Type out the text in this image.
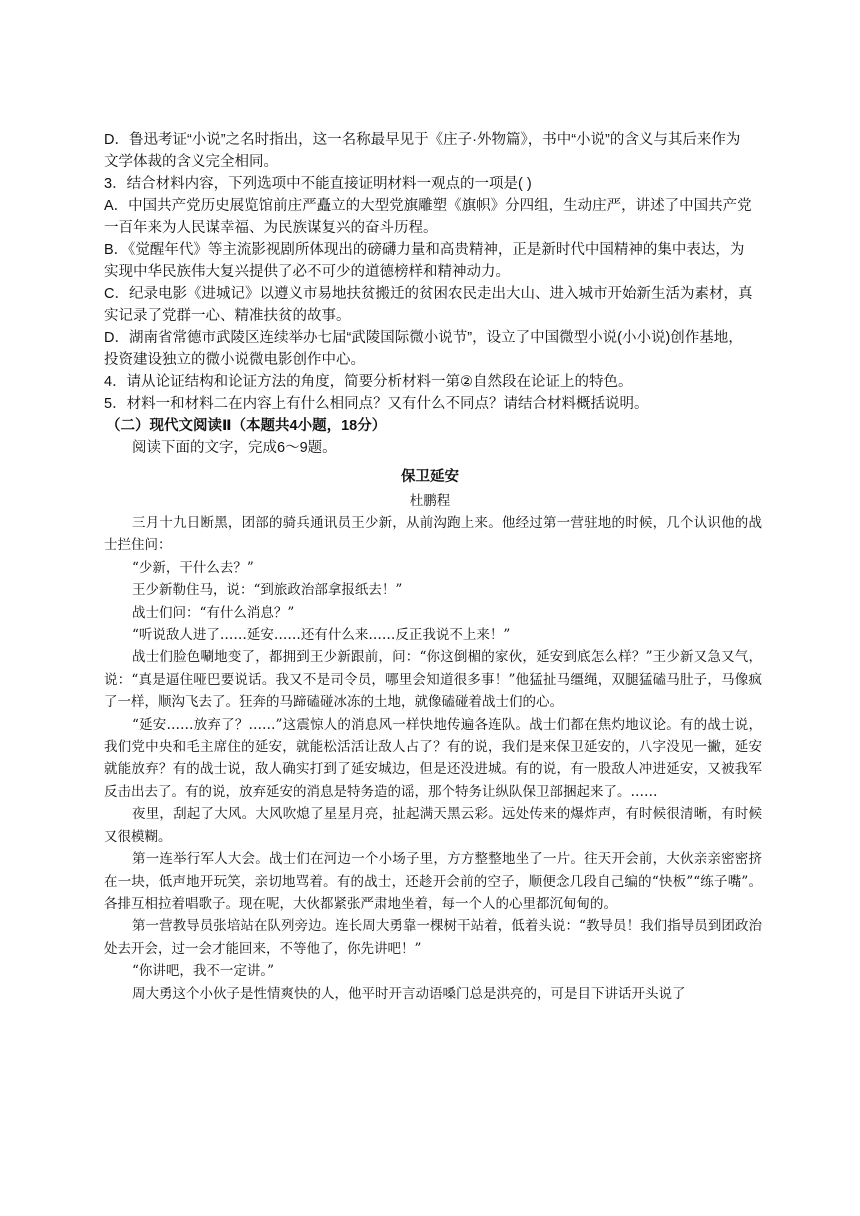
D．鲁迅考证“小说”之名时指出，这一名称最早见于《庄子·外物篇》，书中“小说”的含义与其后来作为文学体裁的含义完全相同。

3．结合材料内容，下列选项中不能直接证明材料一观点的一项是( )

A．中国共产党历史展览馆前庄严矗立的大型党旗雕塑《旗帜》分四组，生动庄严，讲述了中国共产党一百年来为人民谋幸福、为民族谋复兴的奋斗历程。

B．《觉醒年代》等主流影视剧所体现出的磅礴力量和高贵精神，正是新时代中国精神的集中表达，为实现中华民族伟大复兴提供了必不可少的道德榜样和精神动力。

C．纪录电影《进城记》以遵义市易地扶贫搬迁的贫困农民走出大山、进入城市开始新生活为素材，真实记录了党群一心、精准扶贫的故事。

D．湖南省常德市武陵区连续举办七届“武陵国际微小说节”，设立了中国微型小说(小小说)创作基地，投资建设独立的微小说微电影创作中心。

4．请从论证结构和论证方法的角度，简要分析材料一第②自然段在论证上的特色。

5．材料一和材料二在内容上有什么相同点？又有什么不同点？请结合材料概括说明。

（二）现代文阅读Ⅱ（本题共4小题，18分）

阅读下面的文字，完成6～9题。

保卫延安
杜鹏程

三月十九日断黑，团部的骑兵通讯员王少新，从前沟跑上来。他经过第一营驻地的时候，几个认识他的战士拦住问：

“少新，干什么去？”

王少新勒住马，说：“到旅政治部拿报纸去！”

战士们问：“有什么消息？”

“听说敌人进了……延安……还有什么来……反正我说不上来！”

战士们脸色唰地变了，都拥到王少新跟前，问：“你这倒楣的家伙，延安到底怎么样？”王少新又急又气，说：“真是逼住哑巴要说话。我又不是司令员，哪里会知道很多事！”他猛扯马缰绳，双腿猛磕马肚子，马像疯了一样，顺沟飞去了。狂奔的马蹄磕碰冰冻的土地，就像磕碰着战士们的心。

“延安……放弃了？……”这震惊人的消息风一样快地传遍各连队。战士们都在焦灼地议论。有的战士说，我们党中央和毛主席住的延安，就能松活活让敌人占了？有的说，我们是来保卫延安的，八字没见一撇，延安就能放弃？有的战士说，敌人确实打到了延安城边，但是还没进城。有的说，有一股敌人冲进延安，又被我军反击出去了。有的说，放弃延安的消息是特务造的谣，那个特务让纵队保卫部捆起来了。……

夜里，刮起了大风。大风吹熄了星星月亮，扯起满天黑云彩。远处传来的爆炸声，有时候很清晰，有时候又很模糊。

第一连举行军人大会。战士们在河边一个小场子里，方方整整地坐了一片。往天开会前，大伙亲亲密密挤在一块，低声地开玩笑，亲切地骂着。有的战士，还趁开会前的空子，顺便念几段自己编的“快板”“练子嘴”。各排互相拉着唱歌子。现在呢，大伙都紧张严肃地坐着，每一个人的心里都沉甸甸的。

第一营教导员张培站在队列旁边。连长周大勇靠一棵树干站着，低着头说：“教导员！我们指导员到团政治处去开会，过一会才能回来，不等他了，你先讲吧！”

“你讲吧，我不一定讲。”

周大勇这个小伙子是性情爽快的人，他平时开言动语嗓门总是洪亮的，可是目下讲话开头说了
